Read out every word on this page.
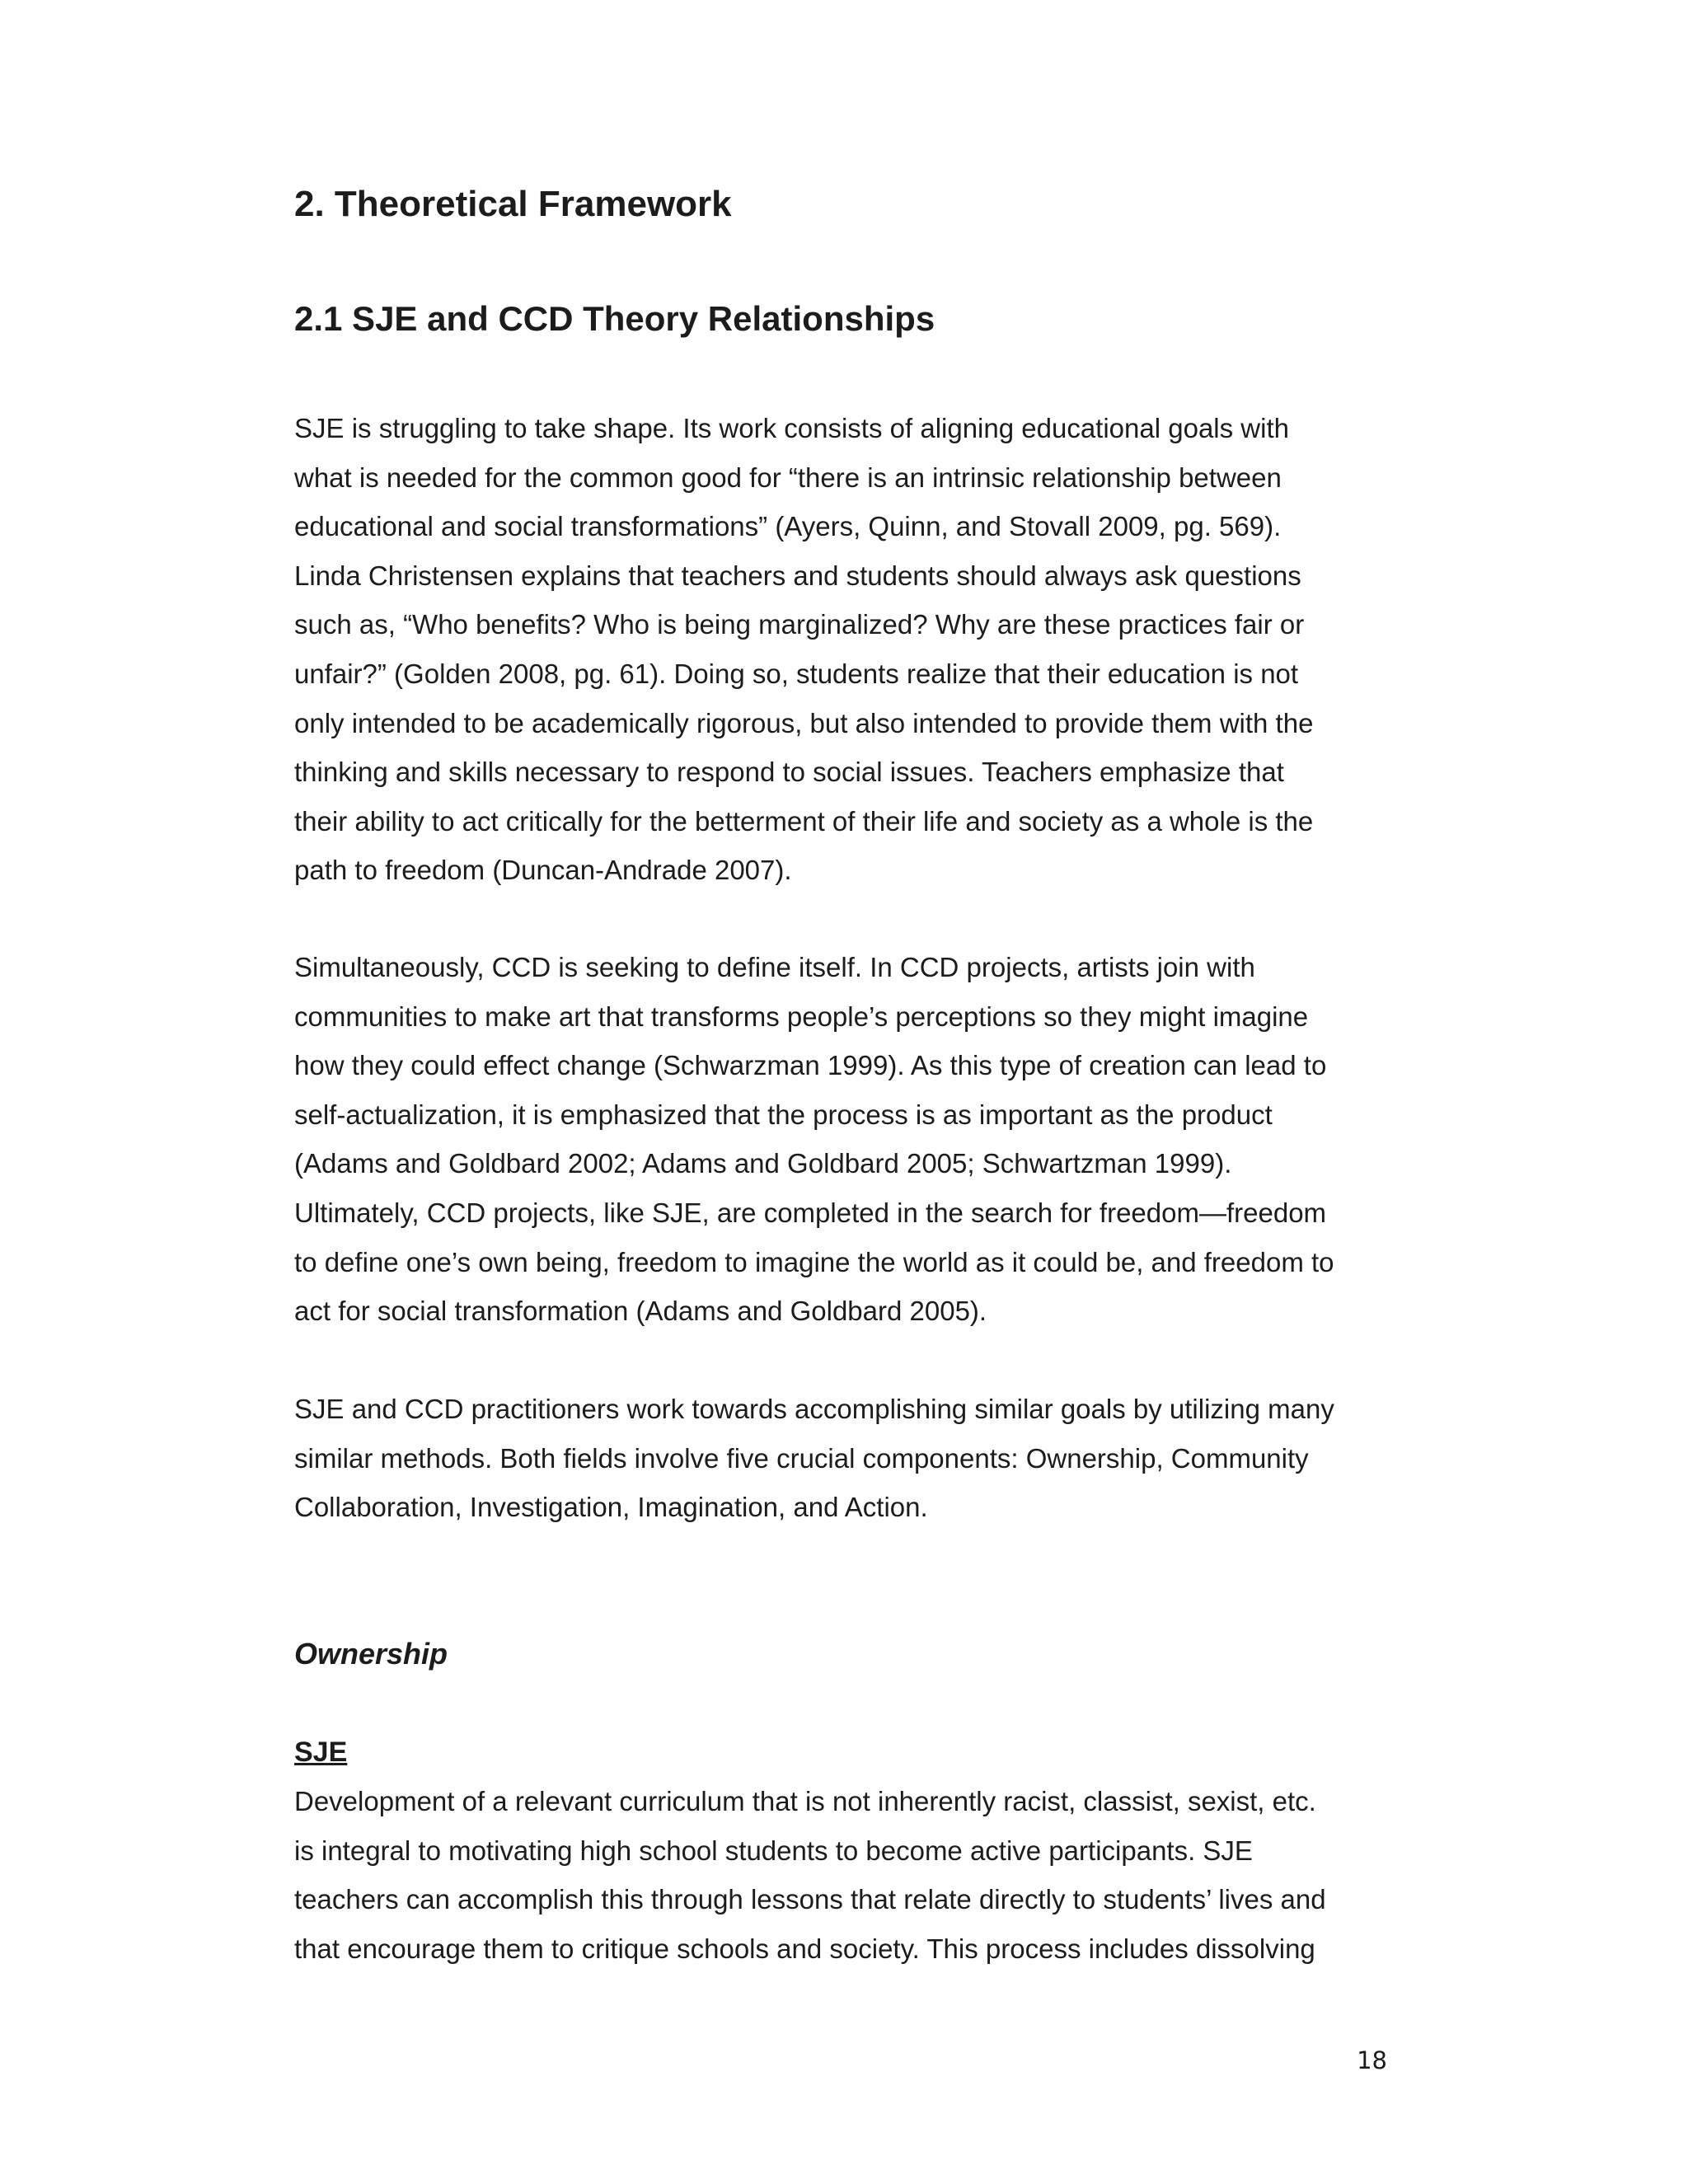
2. Theoretical Framework
2.1 SJE and CCD Theory Relationships
SJE is struggling to take shape. Its work consists of aligning educational goals with
what is needed for the common good for “there is an intrinsic relationship between
educational and social transformations” (Ayers, Quinn, and Stovall 2009, pg. 569).
Linda Christensen explains that teachers and students should always ask questions
such as, “Who benefits? Who is being marginalized? Why are these practices fair or
unfair?” (Golden 2008, pg. 61). Doing so, students realize that their education is not
only intended to be academically rigorous, but also intended to provide them with the
thinking and skills necessary to respond to social issues. Teachers emphasize that
their ability to act critically for the betterment of their life and society as a whole is the
path to freedom (Duncan-Andrade 2007).
Simultaneously, CCD is seeking to define itself. In CCD projects, artists join with
communities to make art that transforms people’s perceptions so they might imagine
how they could effect change (Schwarzman 1999). As this type of creation can lead to
self-actualization, it is emphasized that the process is as important as the product
(Adams and Goldbard 2002; Adams and Goldbard 2005; Schwartzman 1999).
Ultimately, CCD projects, like SJE, are completed in the search for freedom—freedom
to define one’s own being, freedom to imagine the world as it could be, and freedom to
act for social transformation (Adams and Goldbard 2005).
SJE and CCD practitioners work towards accomplishing similar goals by utilizing many
similar methods. Both fields involve five crucial components: Ownership, Community
Collaboration, Investigation, Imagination, and Action.
Ownership
SJE
Development of a relevant curriculum that is not inherently racist, classist, sexist, etc.
is integral to motivating high school students to become active participants. SJE
teachers can accomplish this through lessons that relate directly to students’ lives and
that encourage them to critique schools and society. This process includes dissolving
18
